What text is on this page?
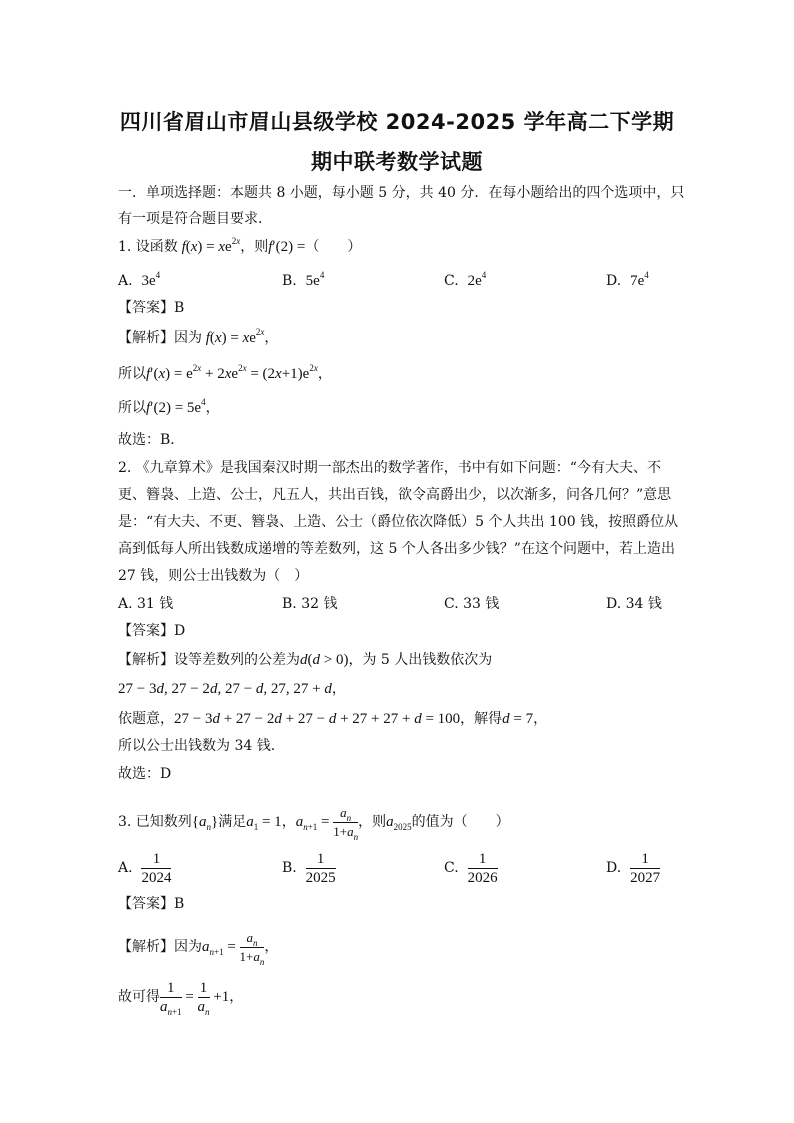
四川省眉山市眉山县级学校 2024-2025 学年高二下学期
期中联考数学试题
一．单项选择题：本题共 8 小题，每小题 5 分，共 40 分．在每小题给出的四个选项中，只
有一项是符合题目要求．
1. 设函数 $f(x) = xe^{2x}$，则f′(2) =（　　）
A. $3e^4$	B. $5e^4$	C. $2e^4$	D. $7e^4$
【答案】B
【解析】因为 $f(x) = xe^{2x}$，
所以$f'(x) = e^{2x} + 2xe^{2x} = (2x+1)e^{2x}$，
所以$f'(2) = 5e^4$，
故选：B．
2. 《九章算术》是我国秦汉时期一部杰出的数学著作，书中有如下问题：“今有大夫、不
更、簪袅、上造、公士，凡五人，共出百钱，欲令高爵出少，以次渐多，问各几何？”意思
是：“有大夫、不更、簪袅、上造、公士（爵位依次降低）5 个人共出 100 钱，按照爵位从
高到低每人所出钱数成递增的等差数列，这 5 个人各出多少钱？”在这个问题中，若上造出
27 钱，则公士出钱数为（　）
A. 31 钱	B. 32 钱	C. 33 钱	D. 34 钱
【答案】D
【解析】设等差数列的公差为d(d > 0)，为 5 人出钱数依次为
27 − 3d, 27 − 2d, 27 − d, 27, 27 + d，
依题意，27 − 3d + 27 − 2d + 27 − d + 27 + 27 + d = 100，解得d = 7，
所以公士出钱数为 34 钱.
故选：D
3. 已知数列$\{a_n\}$满足$a_1 = 1$，$a_{n+1} = \frac{a_n}{1+a_n}$ ，则$a_{2025}$的值为（　　）
A. $\frac{1}{2024}$	B. $\frac{1}{2025}$	C. $\frac{1}{2026}$	D. $\frac{1}{2027}$
【答案】B
【解析】因为$a_{n+1} = \frac{a_n}{1+a_n}$ ，
故可得 $\frac{1}{a_{n+1}} = \frac{1}{a_n} +1$，
